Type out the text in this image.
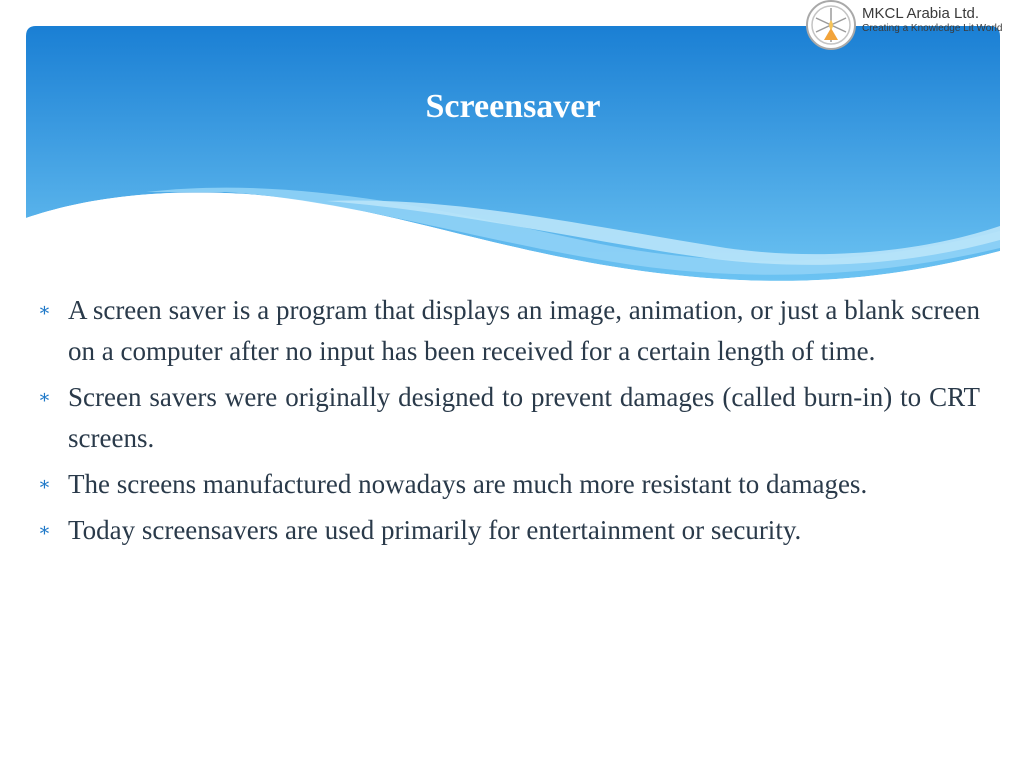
Screensaver
MKCL Arabia Ltd.
Creating a Knowledge Lit World
∗ A screen saver is a program that displays an image, animation, or just a blank screen on a computer after no input has been received for a certain length of time.
∗ Screen savers were originally designed to prevent damages (called burn-in) to CRT screens.
∗ The screens manufactured nowadays are much more resistant to damages.
∗ Today screensavers are used primarily for entertainment or security.
